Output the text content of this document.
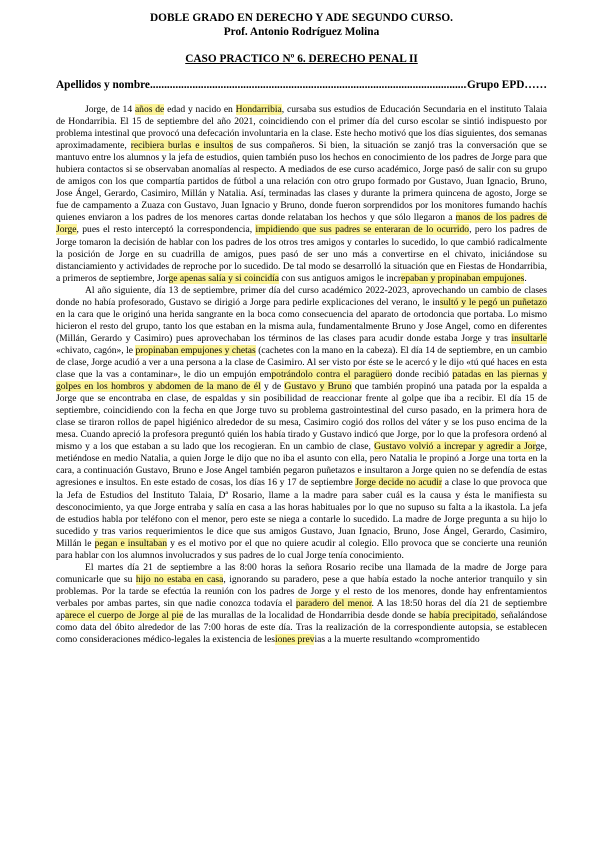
DOBLE GRADO EN DERECHO Y ADE SEGUNDO CURSO.
Prof. Antonio Rodríguez Molina
CASO PRACTICO Nº 6. DERECHO PENAL II
Apellidos y nombre
.....	Grupo EPD……

Jorge, de 14 años de edad y nacido en Hondarribia, cursaba sus estudios de Educación Secundaria en el instituto Talaia de Hondarribia. El 15 de septiembre del año 2021, coincidiendo con el primer día del curso escolar se sintió indispuesto por problema intestinal que provocó una defecación involuntaria en la clase. Este hecho motivó que los días siguientes, dos semanas aproximadamente, recibiera burlas e insultos de sus compañeros. Si bien, la situación se zanjó tras la conversación que se mantuvo entre los alumnos y la jefa de estudios, quien también puso los hechos en conocimiento de los padres de Jorge para que hubiera contactos si se observaban anomalías al respecto. A mediados de ese curso académico, Jorge pasó de salir con su grupo de amigos con los que compartía partidos de fútbol a una relación con otro grupo formado por Gustavo, Juan Ignacio, Bruno, Jose Ángel, Gerardo, Casimiro, Millán y Natalia. Así, terminadas las clases y durante la primera quincena de agosto, Jorge se fue de campamento a Zuaza con Gustavo, Juan Ignacio y Bruno, donde fueron sorprendidos por los monitores fumando hachís quienes enviaron a los padres de los menores cartas donde relataban los hechos y que sólo llegaron a manos de los padres de Jorge, pues el resto interceptó la correspondencia, impidiendo que sus padres se enteraran de lo ocurrido, pero los padres de Jorge tomaron la decisión de hablar con los padres de los otros tres amigos y contarles lo sucedido, lo que cambió radicalmente la posición de Jorge en su cuadrilla de amigos, pues pasó de ser uno más a convertirse en el chivato, iniciándose su distanciamiento y actividades de reproche por lo sucedido. De tal modo se desarrolló la situación que en Fiestas de Hondarribia, a primeros de septiembre, Jorge apenas salía y si coincidía con sus antiguos amigos le increpaban y propinaban empujones.

Al año siguiente, día 13 de septiembre, primer día del curso académico 2022-2023, aprovechando un cambio de clases donde no había profesorado, Gustavo se dirigió a Jorge para pedirle explicaciones del verano, le insultó y le pegó un puñetazo en la cara que le originó una herida sangrante en la boca como consecuencia del aparato de ortodoncia que portaba. Lo mismo hicieron el resto del grupo, tanto los que estaban en la misma aula, fundamentalmente Bruno y Jose Angel, como en diferentes (Millán, Gerardo y Casimiro) pues aprovechaban los términos de las clases para acudir donde estaba Jorge y tras insultarle «chivato, cagón», le propinaban empujones y chetas (cachetes con la mano en la cabeza). El día 14 de septiembre, en un cambio de clase, Jorge acudió a ver a una persona a la clase de Casimiro. Al ser visto por éste se le acercó y le dijo «tú qué haces en esta clase que la vas a contaminar», le dio un empujón empotrándolo contra el paragüero donde recibió patadas en las piernas y golpes en los hombros y abdomen de la mano de él y de Gustavo y Bruno que también propinó una patada por la espalda a Jorge que se encontraba en clase, de espaldas y sin posibilidad de reaccionar frente al golpe que iba a recibir. El día 15 de septiembre, coincidiendo con la fecha en que Jorge tuvo su problema gastrointestinal del curso pasado, en la primera hora de clase se tiraron rollos de papel higiénico alrededor de su mesa, Casimiro cogió dos rollos del váter y se los puso encima de la mesa. Cuando apreció la profesora preguntó quién los había tirado y Gustavo indicó que Jorge, por lo que la profesora ordenó al mismo y a los que estaban a su lado que los recogieran. En un cambio de clase, Gustavo volvió a increpar y agredir a Jorge, metiéndose en medio Natalia, a quien Jorge le dijo que no iba el asunto con ella, pero Natalia le propinó a Jorge una torta en la cara, a continuación Gustavo, Bruno e Jose Angel también pegaron puñetazos e insultaron a Jorge quien no se defendía de estas agresiones e insultos. En este estado de cosas, los días 16 y 17 de septiembre Jorge decide no acudir a clase lo que provoca que la Jefa de Estudios del Instituto Talaia, Dª Rosario, llame a la madre para saber cuál es la causa y ésta le manifiesta su desconocimiento, ya que Jorge entraba y salía en casa a las horas habituales por lo que no supuso su falta a la ikastola. La jefa de estudios habla por teléfono con el menor, pero este se niega a contarle lo sucedido. La madre de Jorge pregunta a su hijo lo sucedido y tras varios requerimientos le dice que sus amigos Gustavo, Juan Ignacio, Bruno, Jose Ángel, Gerardo, Casimiro, Millán le pegan e insultaban y es el motivo por el que no quiere acudir al colegio. Ello provoca que se concierte una reunión para hablar con los alumnos involucrados y sus padres de lo cual Jorge tenía conocimiento.

El martes día 21 de septiembre a las 8:00 horas la señora Rosario recibe una llamada de la madre de Jorge para comunicarle que su hijo no estaba en casa, ignorando su paradero, pese a que había estado la noche anterior tranquilo y sin problemas. Por la tarde se efectúa la reunión con los padres de Jorge y el resto de los menores, donde hay enfrentamientos verbales por ambas partes, sin que nadie conozca todavía el paradero del menor. A las 18:50 horas del día 21 de septiembre aparece el cuerpo de Jorge al pie de las murallas de la localidad de Hondarribia desde donde se había precipitado, señalándose como data del óbito alrededor de las 7:00 horas de este día. Tras la realización de la correspondiente autopsia, se establecen como consideraciones médico-legales la existencia de lesiones previas a la muerte resultando «compromentido
